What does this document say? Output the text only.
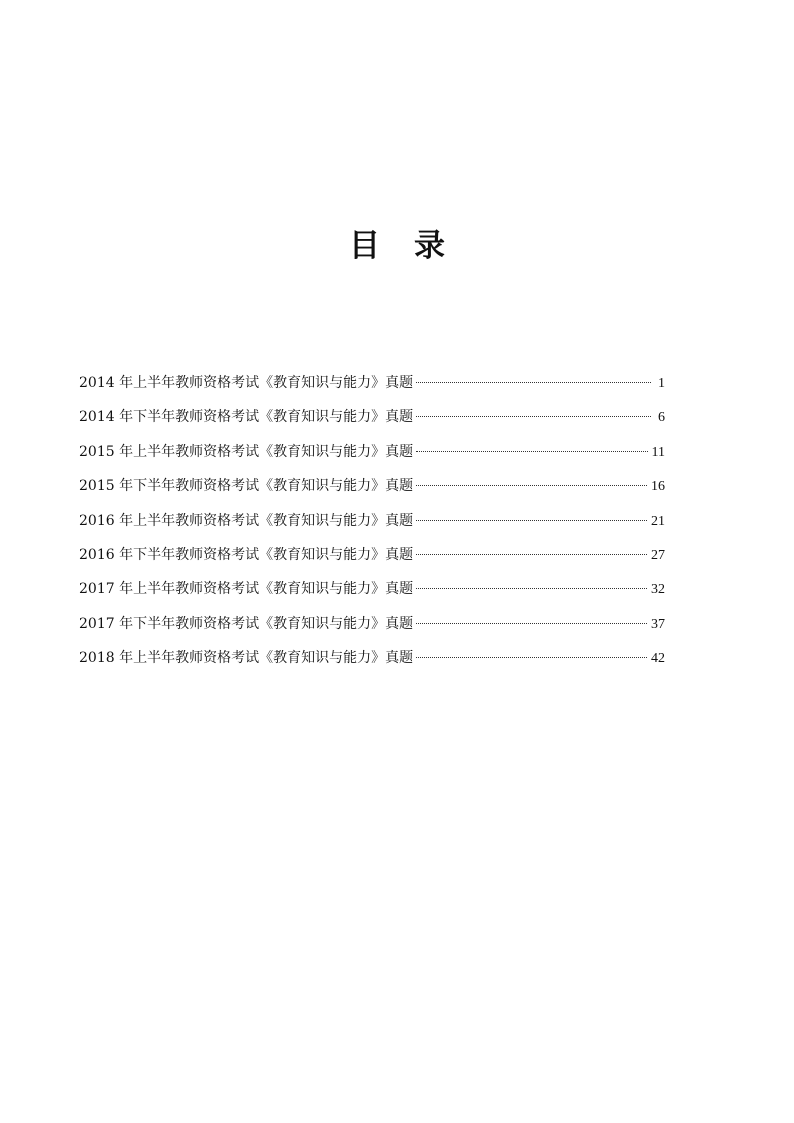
目 录
2014 年上半年教师资格考试《教育知识与能力》真题	1
2014 年下半年教师资格考试《教育知识与能力》真题	6
2015 年上半年教师资格考试《教育知识与能力》真题	11
2015 年下半年教师资格考试《教育知识与能力》真题	16
2016 年上半年教师资格考试《教育知识与能力》真题	21
2016 年下半年教师资格考试《教育知识与能力》真题	27
2017 年上半年教师资格考试《教育知识与能力》真题	32
2017 年下半年教师资格考试《教育知识与能力》真题	37
2018 年上半年教师资格考试《教育知识与能力》真题	42
